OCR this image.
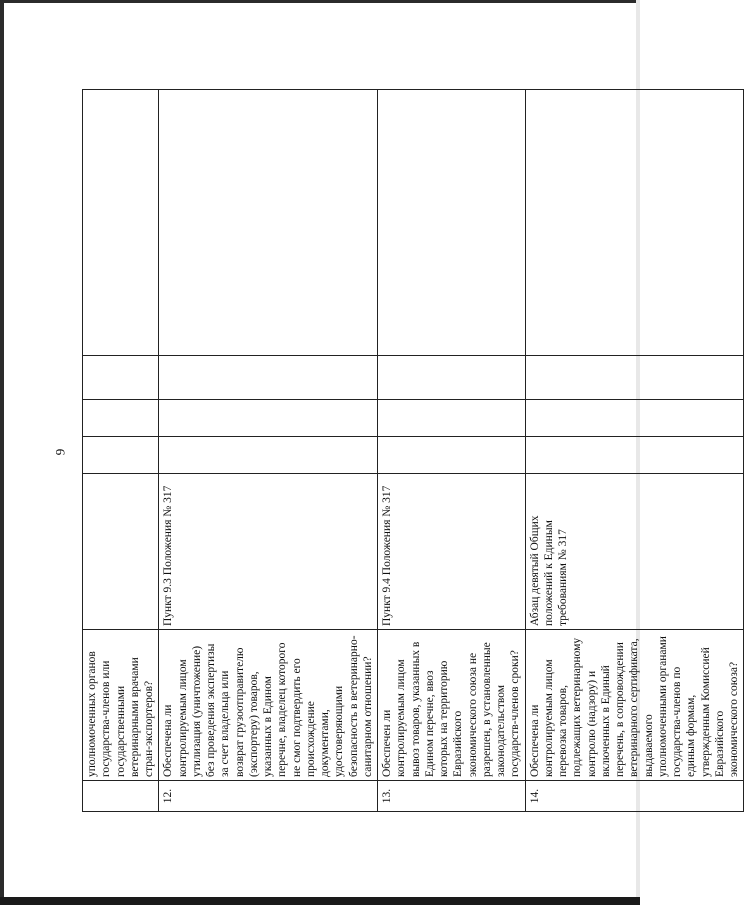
9
	уполномоченных органов государства-членов или государственными ветеринарными врачами стран-экспортеров?					
12.	Обеспечена ли контролируемым лицом утилизация (уничтожение) без проведения экспертизы за счет владельца или возврат грузоотправителю (экспортеру) товаров, указанных в Едином перечне, владелец которого не смог подтвердить его происхождение документами, удостоверяющими безопасность в ветеринарно-санитарном отношении?	Пункт 9.3 Положения № 317				
13.	Обеспечен ли контролируемым лицом вывоз товаров, указанных в Едином перечне, ввоз которых на территорию Евразийского экономического союза не разрешен, в установленные законодательством государств-членов сроки?	Пункт 9.4 Положения № 317				
14.	Обеспечена ли контролируемым лицом перевозка товаров, подлежащих ветеринарному контролю (надзору) и включенных в Единый перечень, в сопровождении ветеринарного сертификата, выдаваемого уполномоченными органами государства-членов по единым формам, утвержденным Комиссией Евразийского экономического союза?	Абзац девятый Общих положений к Единым требованиям № 317				
